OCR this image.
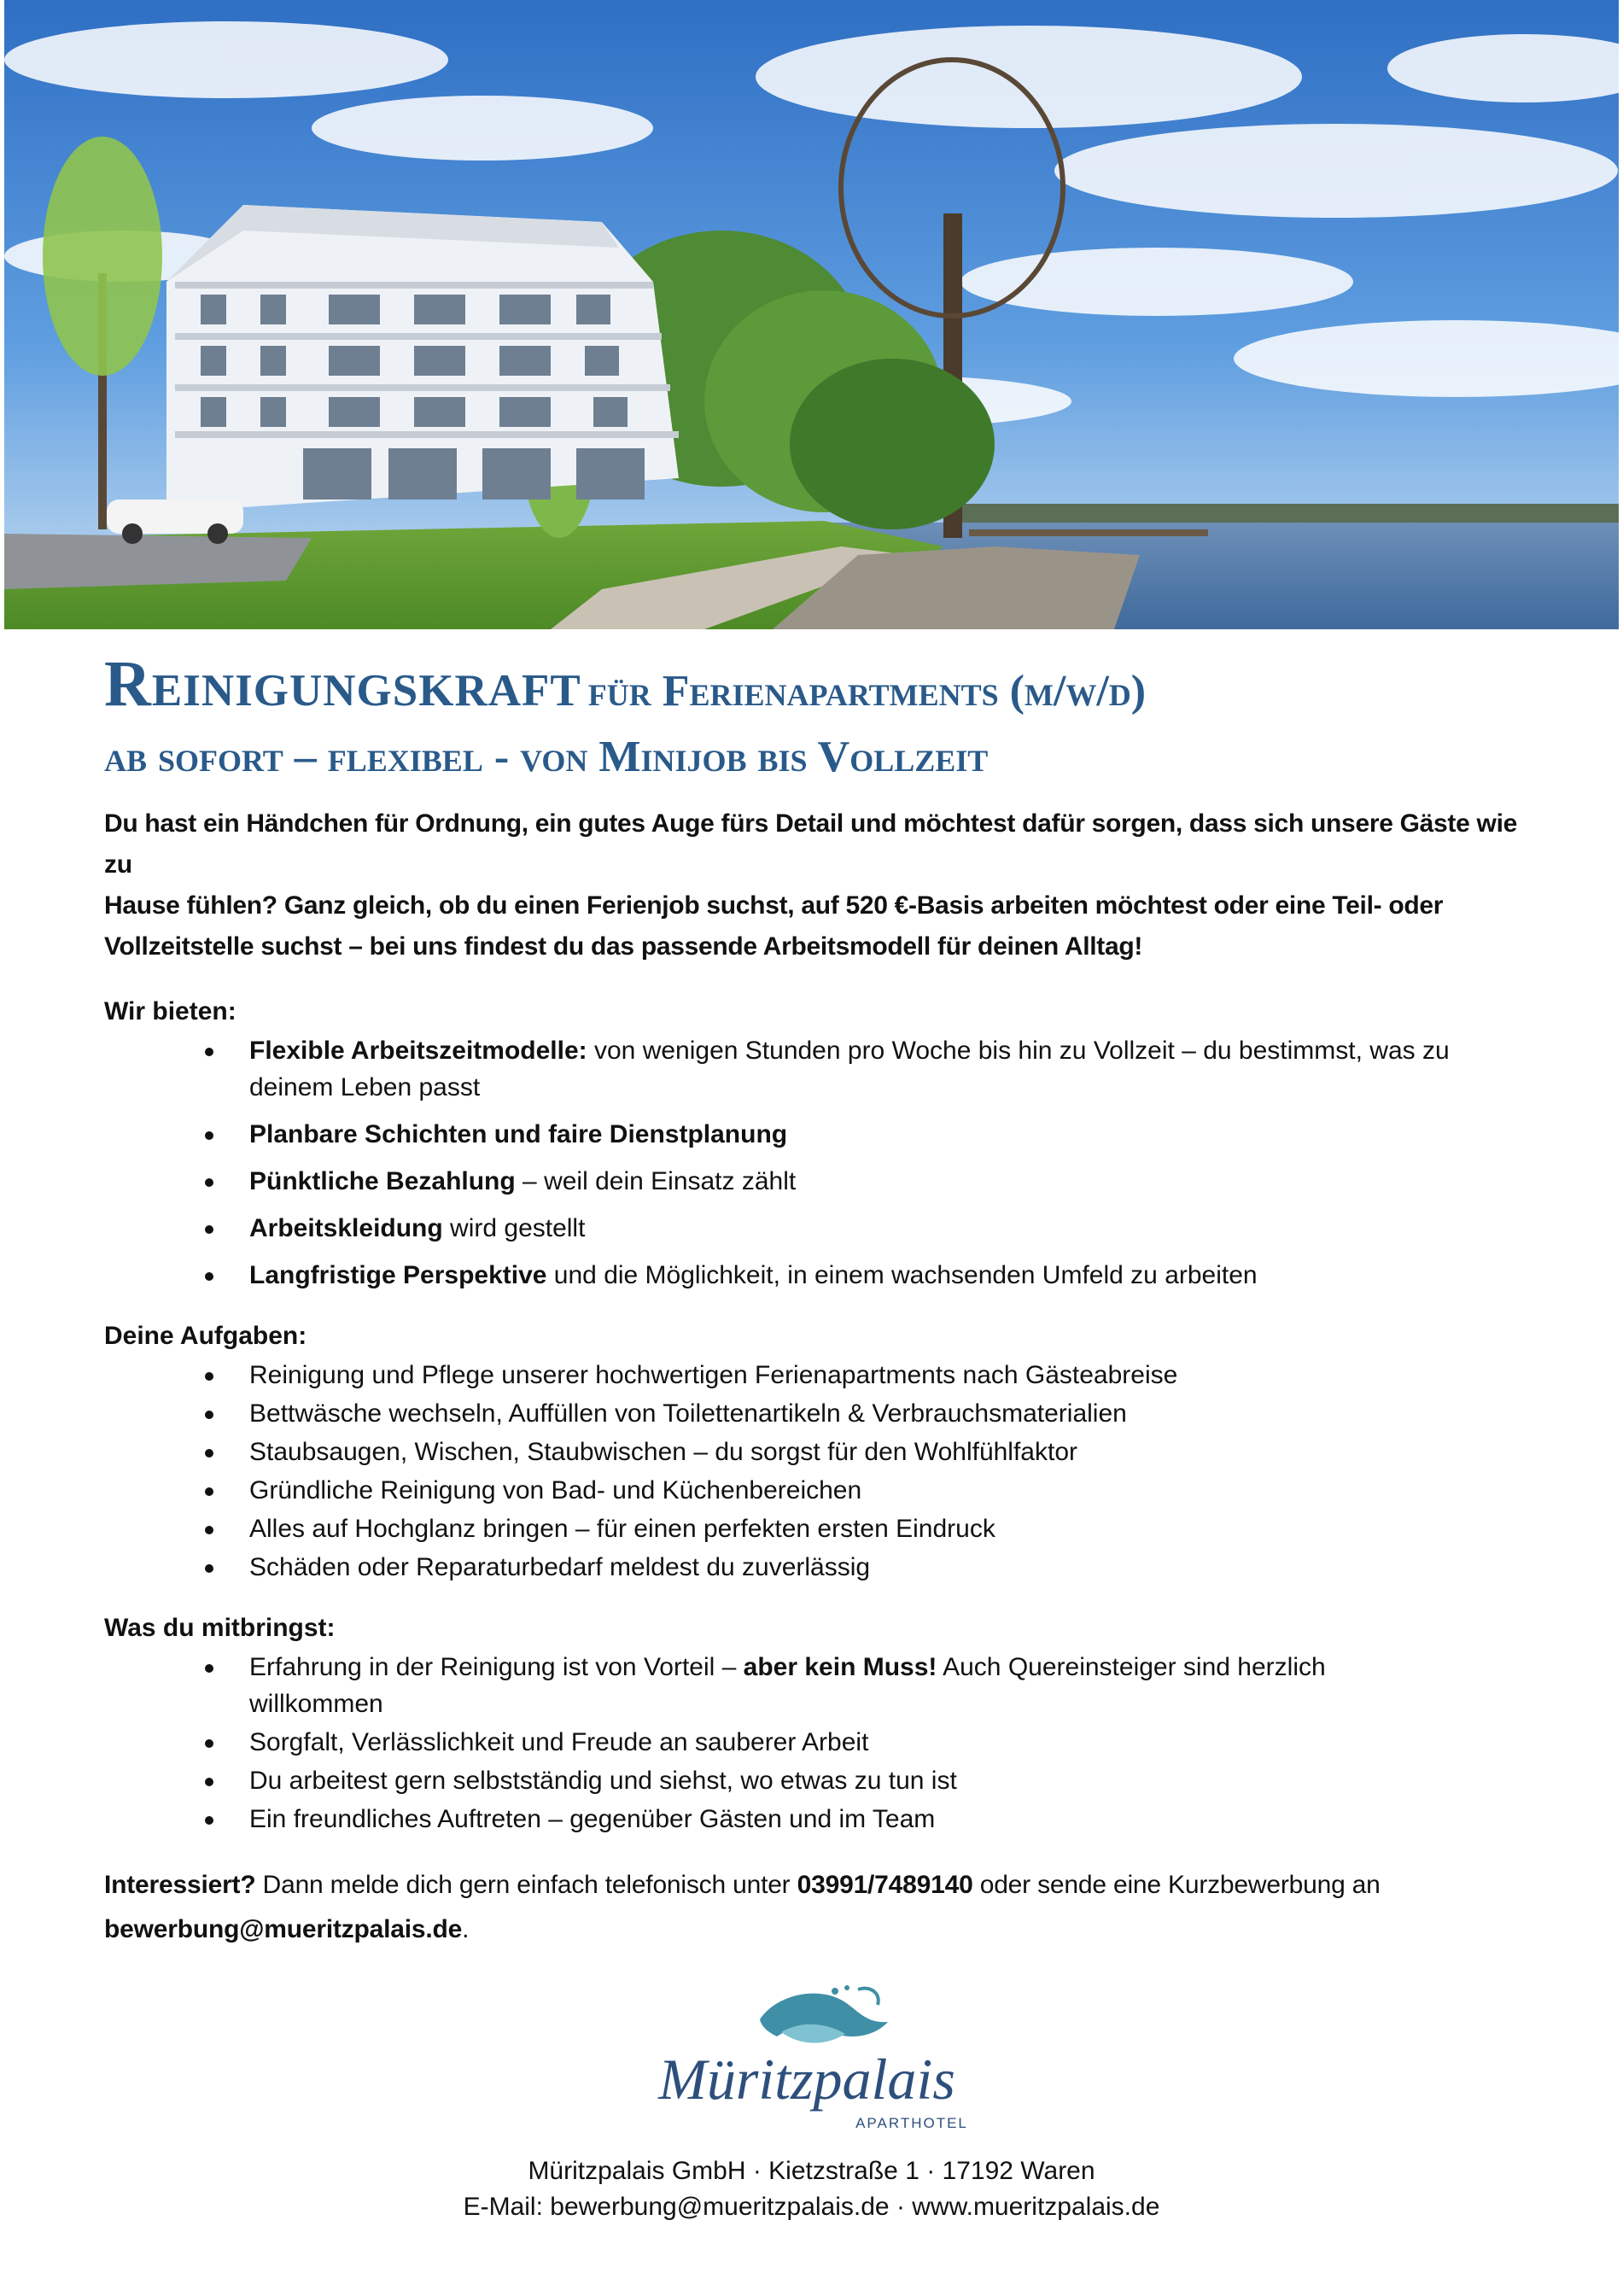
Reinigungskraft für Ferienapartments (m/w/d)
ab sofort – flexibel - von Minijob bis Vollzeit

Du hast ein Händchen für Ordnung, ein gutes Auge fürs Detail und möchtest dafür sorgen, dass sich unsere Gäste wie zu
Hause fühlen? Ganz gleich, ob du einen Ferienjob suchst, auf 520 €-Basis arbeiten möchtest oder eine Teil- oder
Vollzeitstelle suchst – bei uns findest du das passende Arbeitsmodell für deinen Alltag!

Wir bieten:
Flexible Arbeitszeitmodelle: von wenigen Stunden pro Woche bis hin zu Vollzeit – du bestimmst, was zu
deinem Leben passt
Planbare Schichten und faire Dienstplanung
Pünktliche Bezahlung – weil dein Einsatz zählt
Arbeitskleidung wird gestellt
Langfristige Perspektive und die Möglichkeit, in einem wachsenden Umfeld zu arbeiten
Deine Aufgaben:
Reinigung und Pflege unserer hochwertigen Ferienapartments nach Gästeabreise
Bettwäsche wechseln, Auffüllen von Toilettenartikeln & Verbrauchsmaterialien
Staubsaugen, Wischen, Staubwischen – du sorgst für den Wohlfühlfaktor
Gründliche Reinigung von Bad- und Küchenbereichen
Alles auf Hochglanz bringen – für einen perfekten ersten Eindruck
Schäden oder Reparaturbedarf meldest du zuverlässig
Was du mitbringst:
Erfahrung in der Reinigung ist von Vorteil – aber kein Muss! Auch Quereinsteiger sind herzlich
willkommen
Sorgfalt, Verlässlichkeit und Freude an sauberer Arbeit
Du arbeitest gern selbstständig und siehst, wo etwas zu tun ist
Ein freundliches Auftreten – gegenüber Gästen und im Team

Interessiert? Dann melde dich gern einfach telefonisch unter 03991/7489140 oder sende eine Kurzbewerbung an
bewerbung@mueritzpalais.de.

Müritzpalais
APARTHOTEL
Müritzpalais GmbH · Kietzstraße 1 · 17192 Waren
E-Mail: bewerbung@mueritzpalais.de · www.mueritzpalais.de
